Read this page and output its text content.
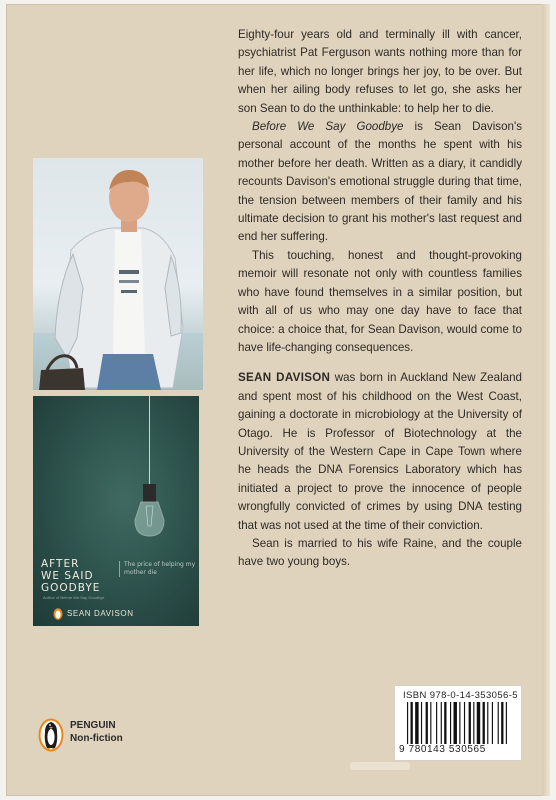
Eighty-four years old and terminally ill with cancer, psychiatrist Pat Ferguson wants nothing more than for her life, which no longer brings her joy, to be over. But when her ailing body refuses to let go, she asks her son Sean to do the unthinkable: to help her to die.

Before We Say Goodbye is Sean Davison's personal account of the months he spent with his mother before her death. Written as a diary, it candidly recounts Davison's emotional struggle during that time, the tension between members of their family and his ultimate decision to grant his mother's last request and end her suffering.

This touching, honest and thought-provoking memoir will resonate not only with countless families who have found themselves in a similar position, but with all of us who may one day have to face that choice: a choice that, for Sean Davison, would come to have life-changing consequences.

SEAN DAVISON was born in Auckland New Zealand and spent most of his childhood on the West Coast, gaining a doctorate in microbiology at the University of Otago. He is Professor of Biotechnology at the University of the Western Cape in Cape Town where he heads the DNA Forensics Laboratory which has initiated a project to prove the innocence of people wrongfully convicted of crimes by using DNA testing that was not used at the time of their conviction.

Sean is married to his wife Raine, and the couple have two young boys.

AFTER
WE SAID
GOODBYE
The price of helping my mother die
Author of Before We Say Goodbye
SEAN DAVISON
PENGUIN
Non-fiction
ISBN 978-0-14-353056-5
9 780143 530565
